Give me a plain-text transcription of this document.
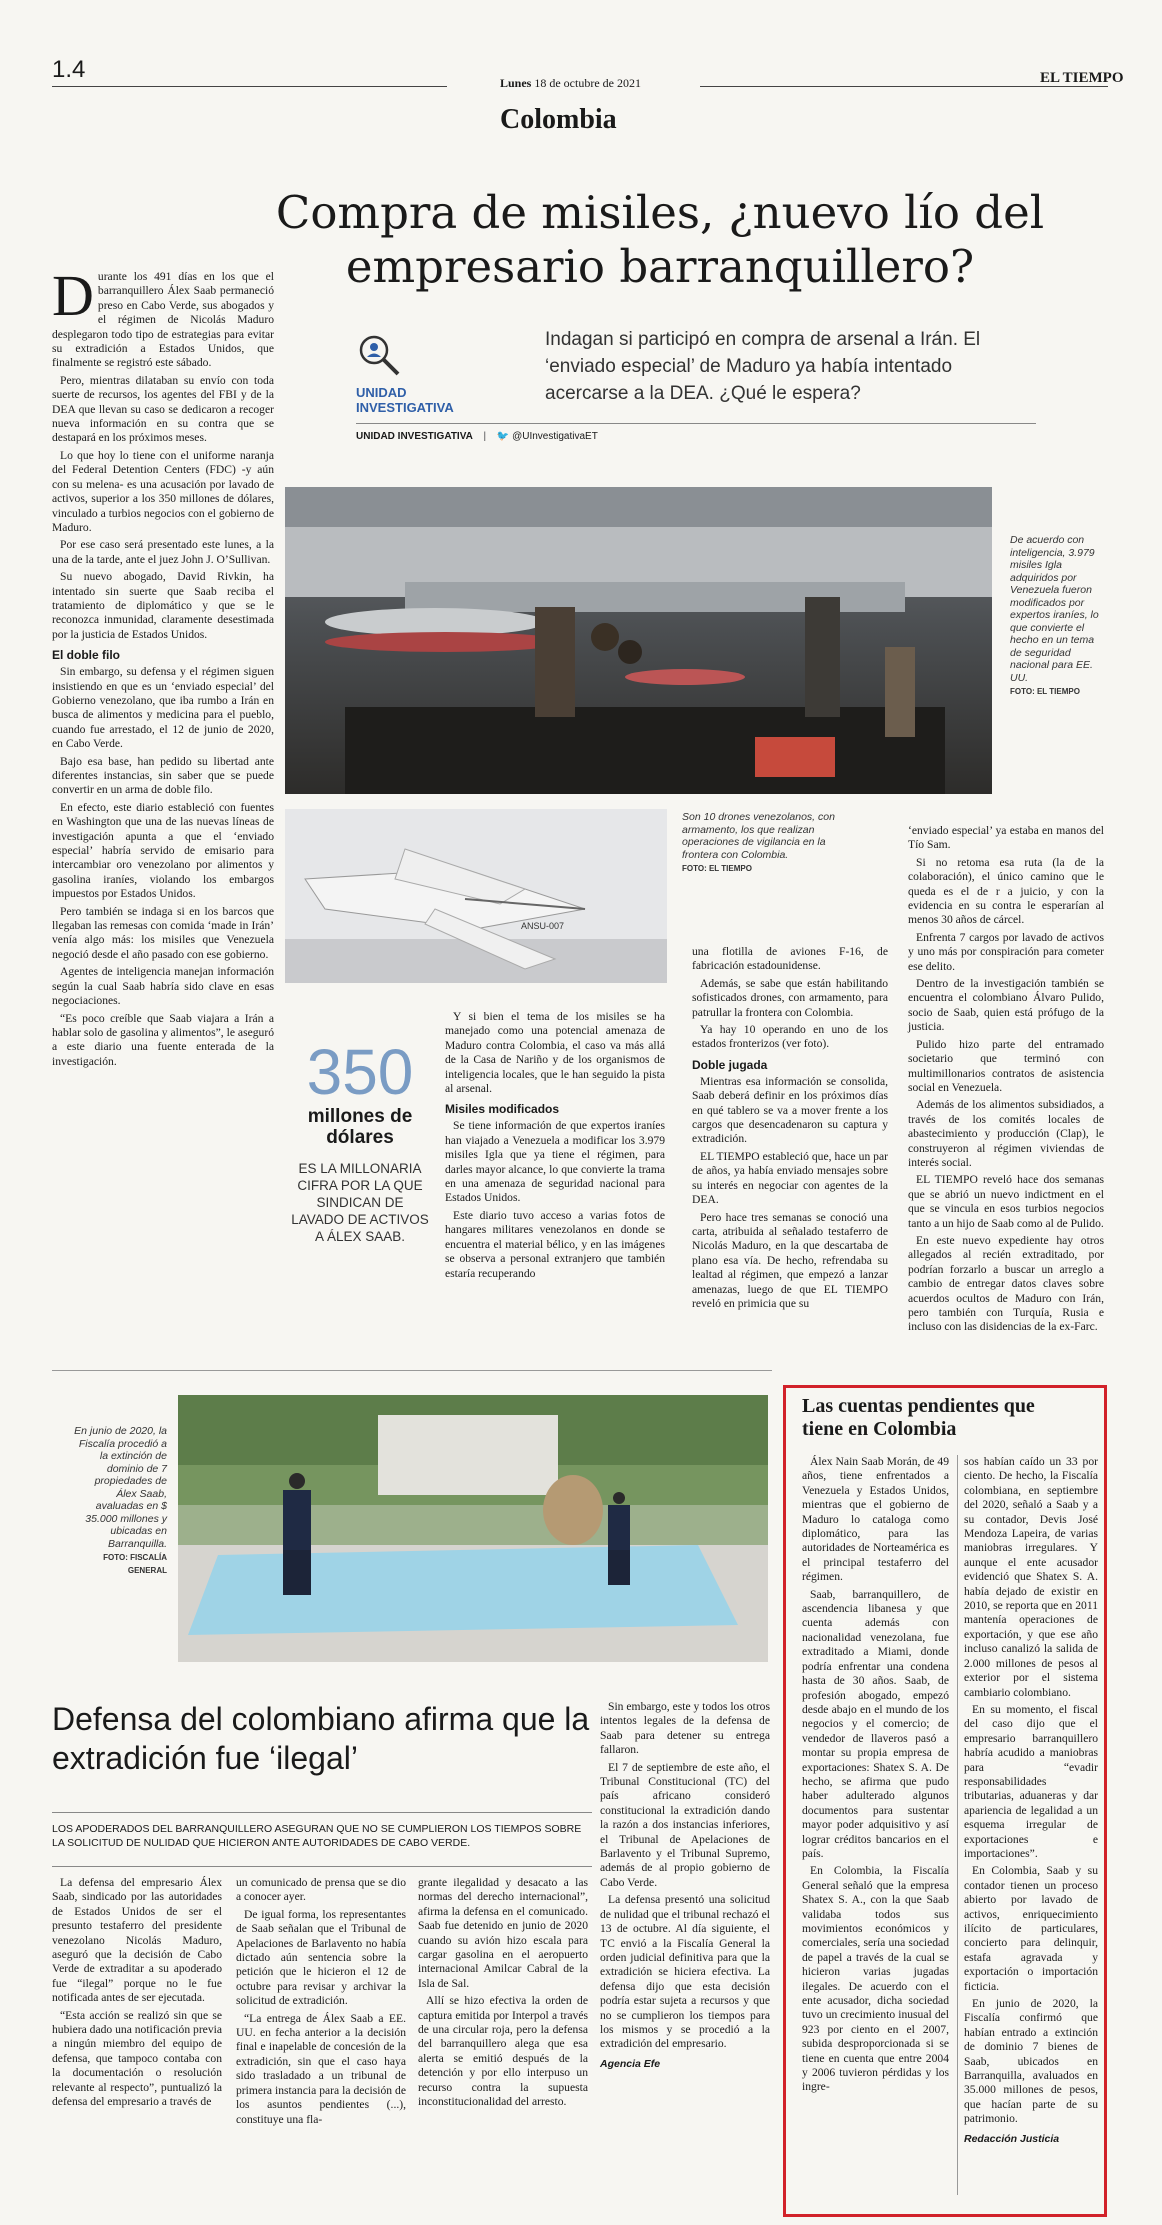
1.4	Lunes 18 de octubre de 2021	EL TIEMPO
Colombia
Compra de misiles, ¿nuevo lío del empresario barranquillero?
UNIDAD INVESTIGATIVA
Indagan si participó en compra de arsenal a Irán. El ‘enviado especial’ de Maduro ya había intentado acercarse a la DEA. ¿Qué le espera?
UNIDAD INVESTIGATIVA | 🐦 @UInvestigativaET
D urante los 491 días en los que el barranquillero Álex Saab permaneció preso en Cabo Verde, sus abogados y el régimen de Nicolás Maduro desplegaron todo tipo de estrategias para evitar su extradición a Estados Unidos, que finalmente se registró este sábado.

Pero, mientras dilataban su envío con toda suerte de recursos, los agentes del FBI y de la DEA que llevan su caso se dedicaron a recoger nueva información en su contra que se destapará en los próximos meses.

Lo que hoy lo tiene con el uniforme naranja del Federal Detention Centers (FDC) -y aún con su melena- es una acusación por lavado de activos, superior a los 350 millones de dólares, vinculado a turbios negocios con el gobierno de Maduro.

Por ese caso será presentado este lunes, a la una de la tarde, ante el juez John J. O’Sullivan.

Su nuevo abogado, David Rivkin, ha intentado sin suerte que Saab reciba el tratamiento de diplomático y que se le reconozca inmunidad, claramente desestimada por la justicia de Estados Unidos.

El doble filo

Sin embargo, su defensa y el régimen siguen insistiendo en que es un ‘enviado especial’ del Gobierno venezolano, que iba rumbo a Irán en busca de alimentos y medicina para el pueblo, cuando fue arrestado, el 12 de junio de 2020, en Cabo Verde.

Bajo esa base, han pedido su libertad ante diferentes instancias, sin saber que se puede convertir en un arma de doble filo.

En efecto, este diario estableció con fuentes en Washington que una de las nuevas líneas de investigación apunta a que el ‘enviado especial’ habría servido de emisario para intercambiar oro venezolano por alimentos y gasolina iraníes, violando los embargos impuestos por Estados Unidos.

Pero también se indaga si en los barcos que llegaban las remesas con comida ‘made in Irán’ venía algo más: los misiles que Venezuela negoció desde el año pasado con ese gobierno.

Agentes de inteligencia manejan información según la cual Saab habría sido clave en esas negociaciones.

“Es poco creíble que Saab viajara a Irán a hablar solo de gasolina y alimentos”, le aseguró a este diario una fuente enterada de la investigación.

De acuerdo con inteligencia, 3.979 misiles Igla adquiridos por Venezuela fueron modificados por expertos iraníes, lo que convierte el hecho en un tema de seguridad nacional para EE. UU.
FOTO: EL TIEMPO
ANSU-007
Son 10 drones venezolanos, con armamento, los que realizan operaciones de vigilancia en la frontera con Colombia.
FOTO: EL TIEMPO
350
millones de dólares
ES LA MILLONARIA CIFRA POR LA QUE SINDICAN DE LAVADO DE ACTIVOS A ÁLEX SAAB.

Y si bien el tema de los misiles se ha manejado como una potencial amenaza de Maduro contra Colombia, el caso va más allá de la Casa de Nariño y de los organismos de inteligencia locales, que le han seguido la pista al arsenal.

Misiles modificados

Se tiene información de que expertos iraníes han viajado a Venezuela a modificar los 3.979 misiles Igla que ya tiene el régimen, para darles mayor alcance, lo que convierte la trama en una amenaza de seguridad nacional para Estados Unidos.

Este diario tuvo acceso a varias fotos de hangares militares venezolanos en donde se encuentra el material bélico, y en las imágenes se observa a personal extranjero que también estaría recuperando

una flotilla de aviones F-16, de fabricación estadounidense.

Además, se sabe que están habilitando sofisticados drones, con armamento, para patrullar la frontera con Colombia.

Ya hay 10 operando en uno de los estados fronterizos (ver foto).

Doble jugada

Mientras esa información se consolida, Saab deberá definir en los próximos días en qué tablero se va a mover frente a los cargos que desencadenaron su captura y extradición.

EL TIEMPO estableció que, hace un par de años, ya había enviado mensajes sobre su interés en negociar con agentes de la DEA.

Pero hace tres semanas se conoció una carta, atribuida al señalado testaferro de Nicolás Maduro, en la que descartaba de plano esa vía. De hecho, refrendaba su lealtad al régimen, que empezó a lanzar amenazas, luego de que EL TIEMPO reveló en primicia que su

‘enviado especial’ ya estaba en manos del Tío Sam.

Si no retoma esa ruta (la de la colaboración), el único camino que le queda es el de r a juicio, y con la evidencia en su contra le esperarían al menos 30 años de cárcel.

Enfrenta 7 cargos por lavado de activos y uno más por conspiración para cometer ese delito.

Dentro de la investigación también se encuentra el colombiano Álvaro Pulido, socio de Saab, quien está prófugo de la justicia.

Pulido hizo parte del entramado societario que terminó con multimillonarios contratos de asistencia social en Venezuela.

Además de los alimentos subsidiados, a través de los comités locales de abastecimiento y producción (Clap), le construyeron al régimen viviendas de interés social.

EL TIEMPO reveló hace dos semanas que se abrió un nuevo indictment en el que se vincula en esos turbios negocios tanto a un hijo de Saab como al de Pulido.

En este nuevo expediente hay otros allegados al recién extraditado, por podrían forzarlo a buscar un arreglo a cambio de entregar datos claves sobre acuerdos ocultos de Maduro con Irán, pero también con Turquía, Rusia e incluso con las disidencias de la ex-Farc.

En junio de 2020, la Fiscalía procedió a la extinción de dominio de 7 propiedades de Álex Saab, avaluadas en $ 35.000 millones y ubicadas en Barranquilla.
FOTO: FISCALÍA GENERAL
Defensa del colombiano afirma que la extradición fue ‘ilegal’
LOS APODERADOS DEL BARRANQUILLERO ASEGURAN QUE NO SE CUMPLIERON LOS TIEMPOS SOBRE LA SOLICITUD DE NULIDAD QUE HICIERON ANTE AUTORIDADES DE CABO VERDE.

La defensa del empresario Álex Saab, sindicado por las autoridades de Estados Unidos de ser el presunto testaferro del presidente venezolano Nicolás Maduro, aseguró que la decisión de Cabo Verde de extraditar a su apoderado fue “ilegal” porque no le fue notificada antes de ser ejecutada.

“Esta acción se realizó sin que se hubiera dado una notificación previa a ningún miembro del equipo de defensa, que tampoco contaba con la documentación o resolución relevante al respecto”, puntualizó la defensa del empresario a través de

un comunicado de prensa que se dio a conocer ayer.

De igual forma, los representantes de Saab señalan que el Tribunal de Apelaciones de Barlavento no había dictado aún sentencia sobre la petición que le hicieron el 12 de octubre para revisar y archivar la solicitud de extradición.

“La entrega de Álex Saab a EE. UU. en fecha anterior a la decisión final e inapelable de concesión de la extradición, sin que el caso haya sido trasladado a un tribunal de primera instancia para la decisión de los asuntos pendientes (...), constituye una fla-

grante ilegalidad y desacato a las normas del derecho internacional”, afirma la defensa en el comunicado. Saab fue detenido en junio de 2020 cuando su avión hizo escala para cargar gasolina en el aeropuerto internacional Amilcar Cabral de la Isla de Sal.

Allí se hizo efectiva la orden de captura emitida por Interpol a través de una circular roja, pero la defensa del barranquillero alega que esa alerta se emitió después de la detención y por ello interpuso un recurso contra la supuesta inconstitucionalidad del arresto.

Sin embargo, este y todos los otros intentos legales de la defensa de Saab para detener su entrega fallaron.

El 7 de septiembre de este año, el Tribunal Constitucional (TC) del país africano consideró constitucional la extradición dando la razón a dos instancias inferiores, el Tribunal de Apelaciones de Barlavento y el Tribunal Supremo, además de al propio gobierno de Cabo Verde.

La defensa presentó una solicitud de nulidad que el tribunal rechazó el 13 de octubre. Al día siguiente, el TC envió a la Fiscalía General la orden judicial definitiva para que la extradición se hiciera efectiva. La defensa dijo que esta decisión podría estar sujeta a recursos y que no se cumplieron los tiempos para los mismos y se procedió a la extradición del empresario.

Agencia Efe
Las cuentas pendientes que tiene en Colombia

Álex Nain Saab Morán, de 49 años, tiene enfrentados a Venezuela y Estados Unidos, mientras que el gobierno de Maduro lo cataloga como diplomático, para las autoridades de Norteamérica es el principal testaferro del régimen.

Saab, barranquillero, de ascendencia libanesa y que cuenta además con nacionalidad venezolana, fue extraditado a Miami, donde podría enfrentar una condena hasta de 30 años. Saab, de profesión abogado, empezó desde abajo en el mundo de los negocios y el comercio; de vendedor de llaveros pasó a montar su propia empresa de exportaciones: Shatex S. A. De hecho, se afirma que pudo haber adulterado algunos documentos para sustentar mayor poder adquisitivo y así lograr créditos bancarios en el país.

En Colombia, la Fiscalía General señaló que la empresa Shatex S. A., con la que Saab validaba todos sus movimientos económicos y comerciales, sería una sociedad de papel a través de la cual se hicieron varias jugadas ilegales. De acuerdo con el ente acusador, dicha sociedad tuvo un crecimiento inusual del 923 por ciento en el 2007, subida desproporcionada si se tiene en cuenta que entre 2004 y 2006 tuvieron pérdidas y los ingre-

sos habían caído un 33 por ciento. De hecho, la Fiscalía colombiana, en septiembre del 2020, señaló a Saab y a su contador, Devis José Mendoza Lapeira, de varias maniobras irregulares. Y aunque el ente acusador evidenció que Shatex S. A. había dejado de existir en 2010, se reporta que en 2011 mantenía operaciones de exportación, y que ese año incluso canalizó la salida de 2.000 millones de pesos al exterior por el sistema cambiario colombiano.

En su momento, el fiscal del caso dijo que el empresario barranquillero habría acudido a maniobras para “evadir responsabilidades tributarias, aduaneras y dar apariencia de legalidad a un esquema irregular de exportaciones e importaciones”.

En Colombia, Saab y su contador tienen un proceso abierto por lavado de activos, enriquecimiento ilícito de particulares, concierto para delinquir, estafa agravada y exportación o importación ficticia.

En junio de 2020, la Fiscalía confirmó que habían entrado a extinción de dominio 7 bienes de Saab, ubicados en Barranquilla, avaluados en 35.000 millones de pesos, que hacían parte de su patrimonio.

Redacción Justicia
